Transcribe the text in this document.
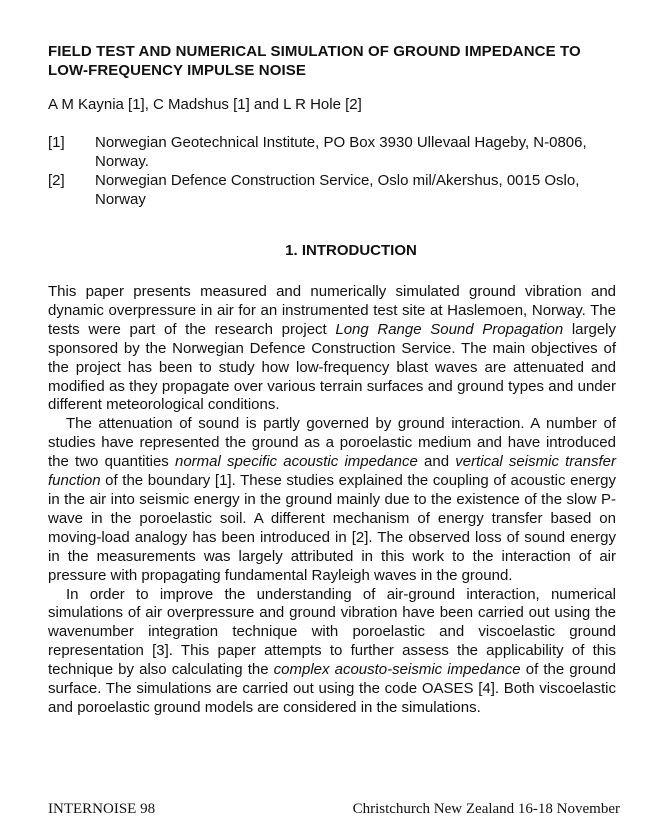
FIELD TEST AND NUMERICAL SIMULATION OF GROUND IMPEDANCE TO LOW-FREQUENCY IMPULSE NOISE
A M Kaynia [1], C Madshus [1] and L R Hole [2]
[1]	Norwegian Geotechnical Institute, PO Box 3930 Ullevaal Hageby, N-0806, Norway.
[2]	Norwegian Defence Construction Service, Oslo mil/Akershus, 0015 Oslo, Norway
1. INTRODUCTION

This paper presents measured and numerically simulated ground vibration and dynamic overpressure in air for an instrumented test site at Haslemoen, Norway. The tests were part of the research project Long Range Sound Propagation largely sponsored by the Norwegian Defence Construction Service. The main objectives of the project has been to study how low-frequency blast waves are attenuated and modified as they propagate over various terrain surfaces and ground types and under different meteorological conditions.

The attenuation of sound is partly governed by ground interaction. A number of studies have represented the ground as a poroelastic medium and have introduced the two quantities normal specific acoustic impedance and vertical seismic transfer function of the boundary [1]. These studies explained the coupling of acoustic energy in the air into seismic energy in the ground mainly due to the existence of the slow P-wave in the poroelastic soil. A different mechanism of energy transfer based on moving-load analogy has been introduced in [2]. The observed loss of sound energy in the measurements was largely attributed in this work to the interaction of air pressure with propagating fundamental Rayleigh waves in the ground.

In order to improve the understanding of air-ground interaction, numerical simulations of air overpressure and ground vibration have been carried out using the wavenumber integration technique with poroelastic and viscoelastic ground representation [3]. This paper attempts to further assess the applicability of this technique by also calculating the complex acousto-seismic impedance of the ground surface. The simulations are carried out using the code OASES [4]. Both viscoelastic and poroelastic ground models are considered in the simulations.

INTERNOISE 98	Christchurch New Zealand 16-18 November
